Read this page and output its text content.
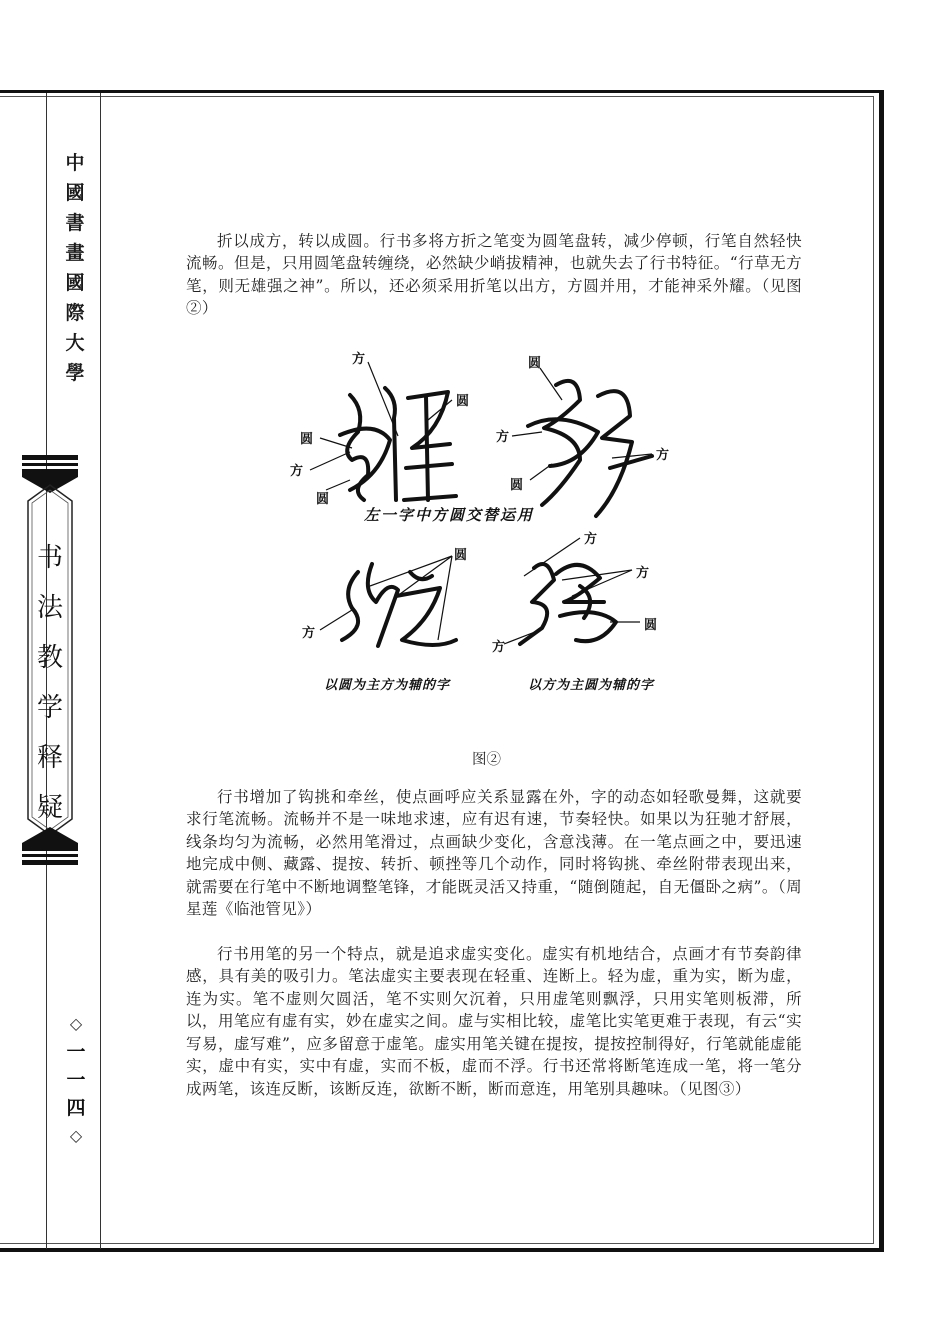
中
國
書
畫
國
際
大
學
书
法
教
学
释
疑
◇
一
一
四
◇

折以成方，转以成圆。行书多将方折之笔变为圆笔盘转，减少停顿，行笔自然轻快流畅。但是，只用圆笔盘转缠绕，必然缺少峭拔精神，也就失去了行书特征。“行草无方笔，则无雄强之神”。所以，还必须采用折笔以出方，方圆并用，才能神采外耀。（见图②）

方
圆
圆
方
圆
圆
方
圆
方
左一字中方圆交替运用
圆
方
方
方
圆
方
以圆为主方为辅的字	以方为主圆为辅的字
图②

行书增加了钩挑和牵丝，使点画呼应关系显露在外，字的动态如轻歌曼舞，这就要求行笔流畅。流畅并不是一味地求速，应有迟有速，节奏轻快。如果以为狂驰才舒展，线条均匀为流畅，必然用笔滑过，点画缺少变化，含意浅薄。在一笔点画之中，要迅速地完成中侧、藏露、提按、转折、顿挫等几个动作，同时将钩挑、牵丝附带表现出来，就需要在行笔中不断地调整笔锋，才能既灵活又持重，“随倒随起，自无僵卧之病”。（周星莲《临池管见》）

行书用笔的另一个特点，就是追求虚实变化。虚实有机地结合，点画才有节奏韵律感，具有美的吸引力。笔法虚实主要表现在轻重、连断上。轻为虚，重为实，断为虚，连为实。笔不虚则欠圆活，笔不实则欠沉着，只用虚笔则飘浮，只用实笔则板滞，所以，用笔应有虚有实，妙在虚实之间。虚与实相比较，虚笔比实笔更难于表现，有云“实写易，虚写难”，应多留意于虚笔。虚实用笔关键在提按，提按控制得好，行笔就能虚能实，虚中有实，实中有虚，实而不板，虚而不浮。行书还常将断笔连成一笔，将一笔分成两笔，该连反断，该断反连，欲断不断，断而意连，用笔别具趣味。（见图③）
